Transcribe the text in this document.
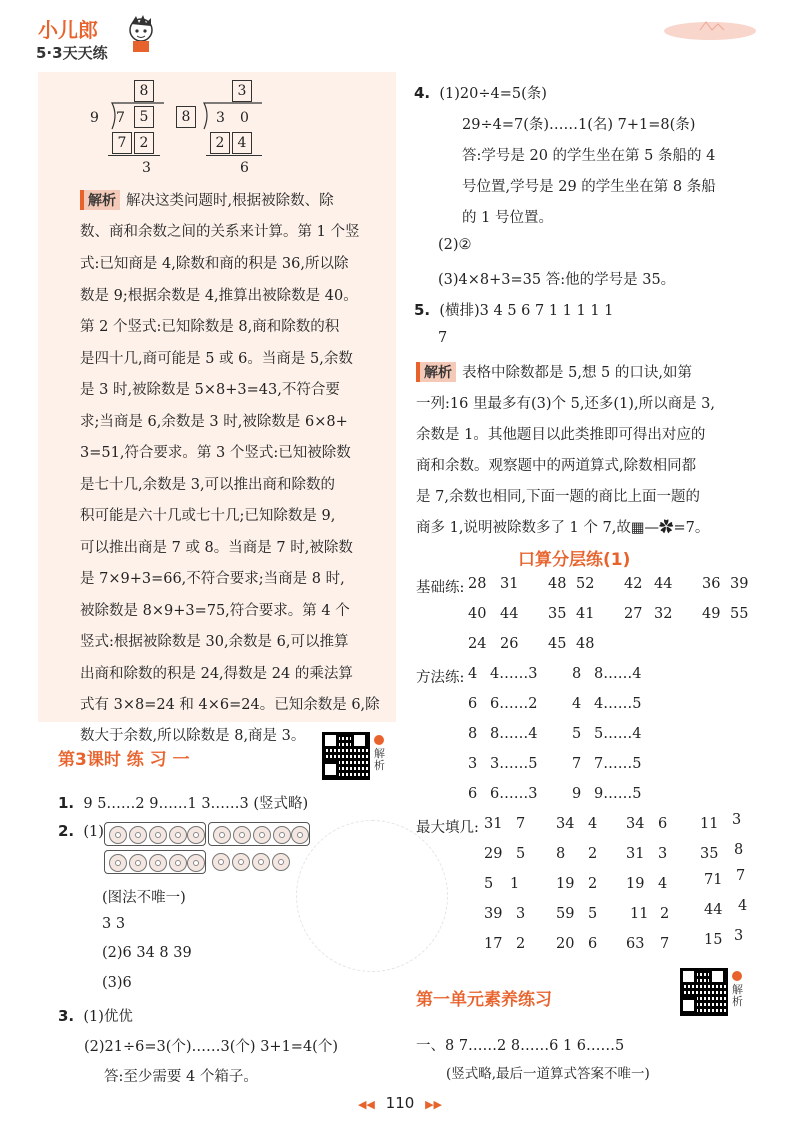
小儿郎
5·3天天练
8
9 7	5
7 2
3
3
8	3 0
2 4
6
解析 解决这类问题时,根据被除数、除
数、商和余数之间的关系来计算。第 1 个竖
式:已知商是 4,除数和商的积是 36,所以除
数是 9;根据余数是 4,推算出被除数是 40。
第 2 个竖式:已知除数是 8,商和除数的积
是四十几,商可能是 5 或 6。当商是 5,余数
是 3 时,被除数是 5×8+3=43,不符合要
求;当商是 6,余数是 3 时,被除数是 6×8+
3=51,符合要求。第 3 个竖式:已知被除数
是七十几,余数是 3,可以推出商和除数的
积可能是六十几或七十几;已知除数是 9,
可以推出商是 7 或 8。当商是 7 时,被除数
是 7×9+3=66,不符合要求;当商是 8 时,
被除数是 8×9+3=75,符合要求。第 4 个
竖式:根据被除数是 30,余数是 6,可以推算
出商和除数的积是 24,得数是 24 的乘法算
式有 3×8=24 和 4×6=24。已知余数是 6,除
数大于余数,所以除数是 8,商是 3。
第3课时 练 习 一	解析
1. 9 5……2 9……1 3……3 (竖式略)
2. (1)
(图法不唯一)
3 3
(2)6 34 8 39
(3)6
3. (1)优优
(2)21÷6=3(个)……3(个) 3+1=4(个)
答:至少需要 4 个箱子。
4. (1)20÷4=5(条)
29÷4=7(条)……1(名) 7+1=8(条)
答:学号是 20 的学生坐在第 5 条船的 4
号位置,学号是 29 的学生坐在第 8 条船
的 1 号位置。
(2)②
(3)4×8+3=35 答:他的学号是 35。
5. (横排)3 4 5 6 7 1 1 1 1 1
7
解析 表格中除数都是 5,想 5 的口诀,如第
一列:16 里最多有(3)个 5,还多(1),所以商是 3,
余数是 1。其他题目以此类推即可得出对应的
商和余数。观察题中的两道算式,除数相同都
是 7,余数也相同,下面一题的商比上面一题的
商多 1,说明被除数多了 1 个 7,故▦—✿=7。
口算分层练(1)
基础练: 28 31 48 52 42 44 36 39
40 44 35 41 27 32 49 55
24 26 45 48
方法练: 4 4……3 8 8……4
6 6……2 4 4……5
8 8……4 5 5……4
3 3……5 7 7……5
6 6……3 9 9……5
最大填几: 31 7 34 4 34 6 11 3
29 5 8 2 31 3 35 8
5 1	19 2 19 4	71 7
39 3 59 5 11 2 44 4
17 2 20 6 63 7 15 3
第一单元素养练习
解析
一、8 7……2 8……6 1 6……5
(竖式略,最后一道算式答案不唯一)
◀◀ 110 ▶▶
